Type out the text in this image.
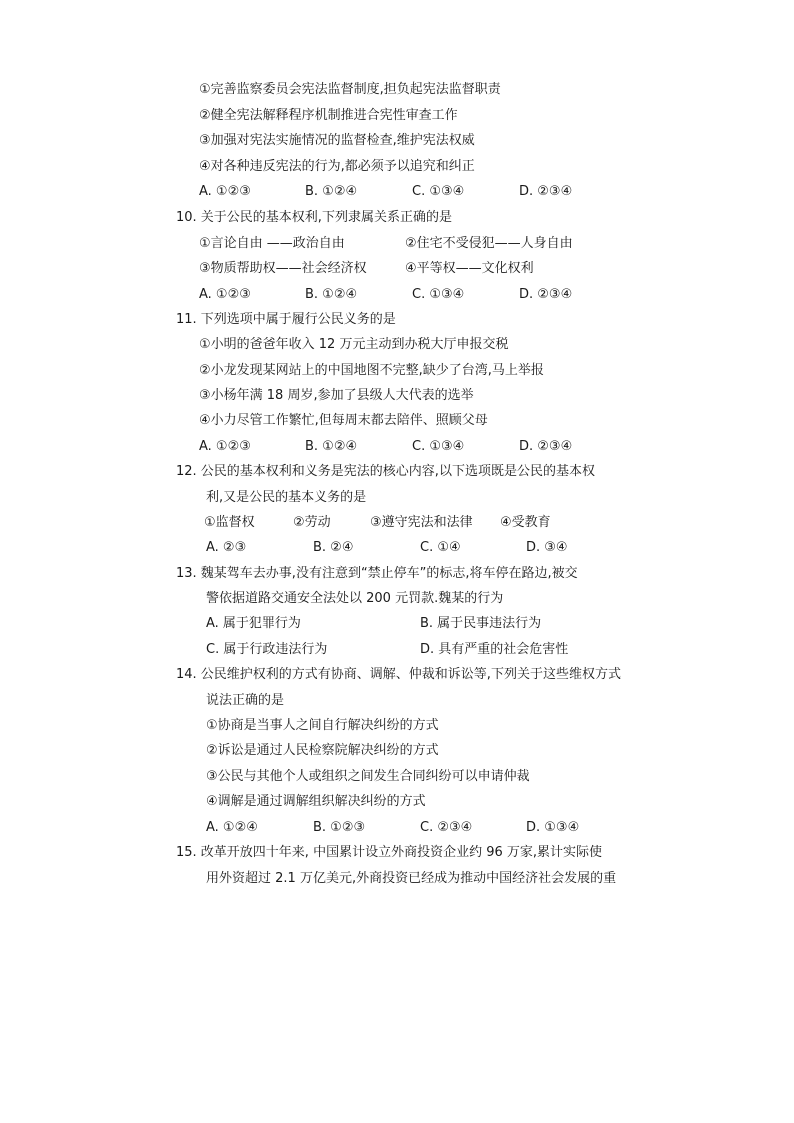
①完善监察委员会宪法监督制度,担负起宪法监督职责
②健全宪法解释程序机制推进合宪性审查工作
③加强对宪法实施情况的监督检查,维护宪法权威
④对各种违反宪法的行为,都必须予以追究和纠正
A. ①②③	B. ①②④	C. ①③④	D. ②③④
10. 关于公民的基本权利,下列隶属关系正确的是
①言论自由 ——政治自由	②住宅不受侵犯——人身自由
③物质帮助权——社会经济权	④平等权——文化权利
A. ①②③	B. ①②④	C. ①③④	D. ②③④
11. 下列选项中属于履行公民义务的是
①小明的爸爸年收入 12 万元主动到办税大厅申报交税
②小龙发现某网站上的中国地图不完整,缺少了台湾,马上举报
③小杨年满 18 周岁,参加了县级人大代表的选举
④小力尽管工作繁忙,但每周末都去陪伴、照顾父母
A. ①②③	B. ①②④	C. ①③④	D. ②③④
12. 公民的基本权利和义务是宪法的核心内容,以下选项既是公民的基本权
利,又是公民的基本义务的是
①监督权	②劳动	③遵守宪法和法律 ④受教育
A. ②③	B. ②④	C. ①④	D. ③④
13. 魏某驾车去办事,没有注意到“禁止停车”的标志,将车停在路边,被交
警依据道路交通安全法处以 200 元罚款.魏某的行为
A. 属于犯罪行为	B. 属于民事违法行为
C. 属于行政违法行为	D. 具有严重的社会危害性
14. 公民维护权利的方式有协商、调解、仲裁和诉讼等,下列关于这些维权方式
说法正确的是
①协商是当事人之间自行解决纠纷的方式
②诉讼是通过人民检察院解决纠纷的方式
③公民与其他个人或组织之间发生合同纠纷可以申请仲裁
④调解是通过调解组织解决纠纷的方式
A. ①②④	B. ①②③	C. ②③④	D. ①③④
15. 改革开放四十年来, 中国累计设立外商投资企业约 96 万家,累计实际使
用外资超过 2.1 万亿美元,外商投资已经成为推动中国经济社会发展的重
